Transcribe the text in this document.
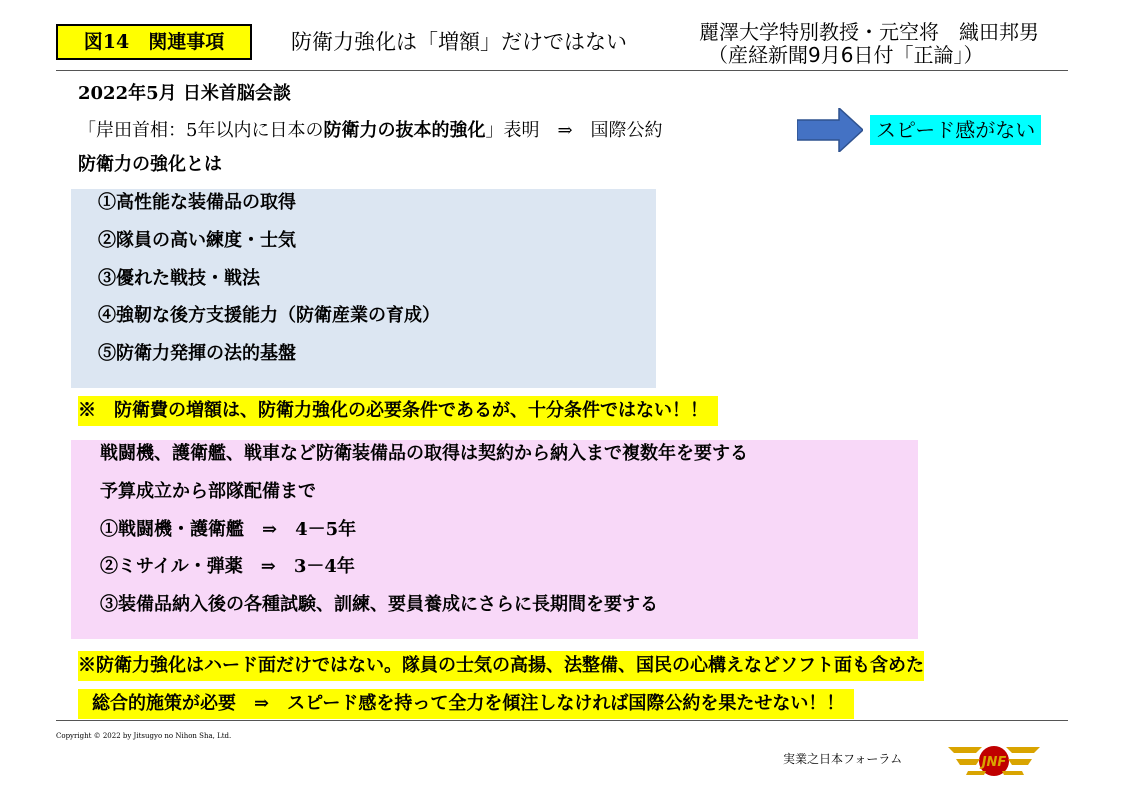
図14　関連事項	防衛力強化は「増額」だけではない	麗澤大学特別教授・元空将　織田邦男
（産経新聞9月6日付「正論」）
2022年5月 日米首脳会談
「岸田首相：5年以内に日本の防衛力の抜本的強化」表明　⇒　国際公約	スピード感がない
防衛力の強化とは
①高性能な装備品の取得
②隊員の高い練度・士気
③優れた戦技・戦法
④強靭な後方支援能力（防衛産業の育成）
⑤防衛力発揮の法的基盤
※　防衛費の増額は、防衛力強化の必要条件であるが、十分条件ではない！！
戦闘機、護衛艦、戦車など防衛装備品の取得は契約から納入まで複数年を要する
予算成立から部隊配備まで
①戦闘機・護衛艦　⇒　4－5年
②ミサイル・弾薬　⇒　3－4年
③装備品納入後の各種試験、訓練、要員養成にさらに長期間を要する
※防衛力強化はハード面だけではない。隊員の士気の高揚、法整備、国民の心構えなどソフト面も含めた
総合的施策が必要　⇒　スピード感を持って全力を傾注しなければ国際公約を果たせない！！
Copyright © 2022 by Jitsugyo no Nihon Sha, Ltd.
実業之日本フォーラム	JNF
